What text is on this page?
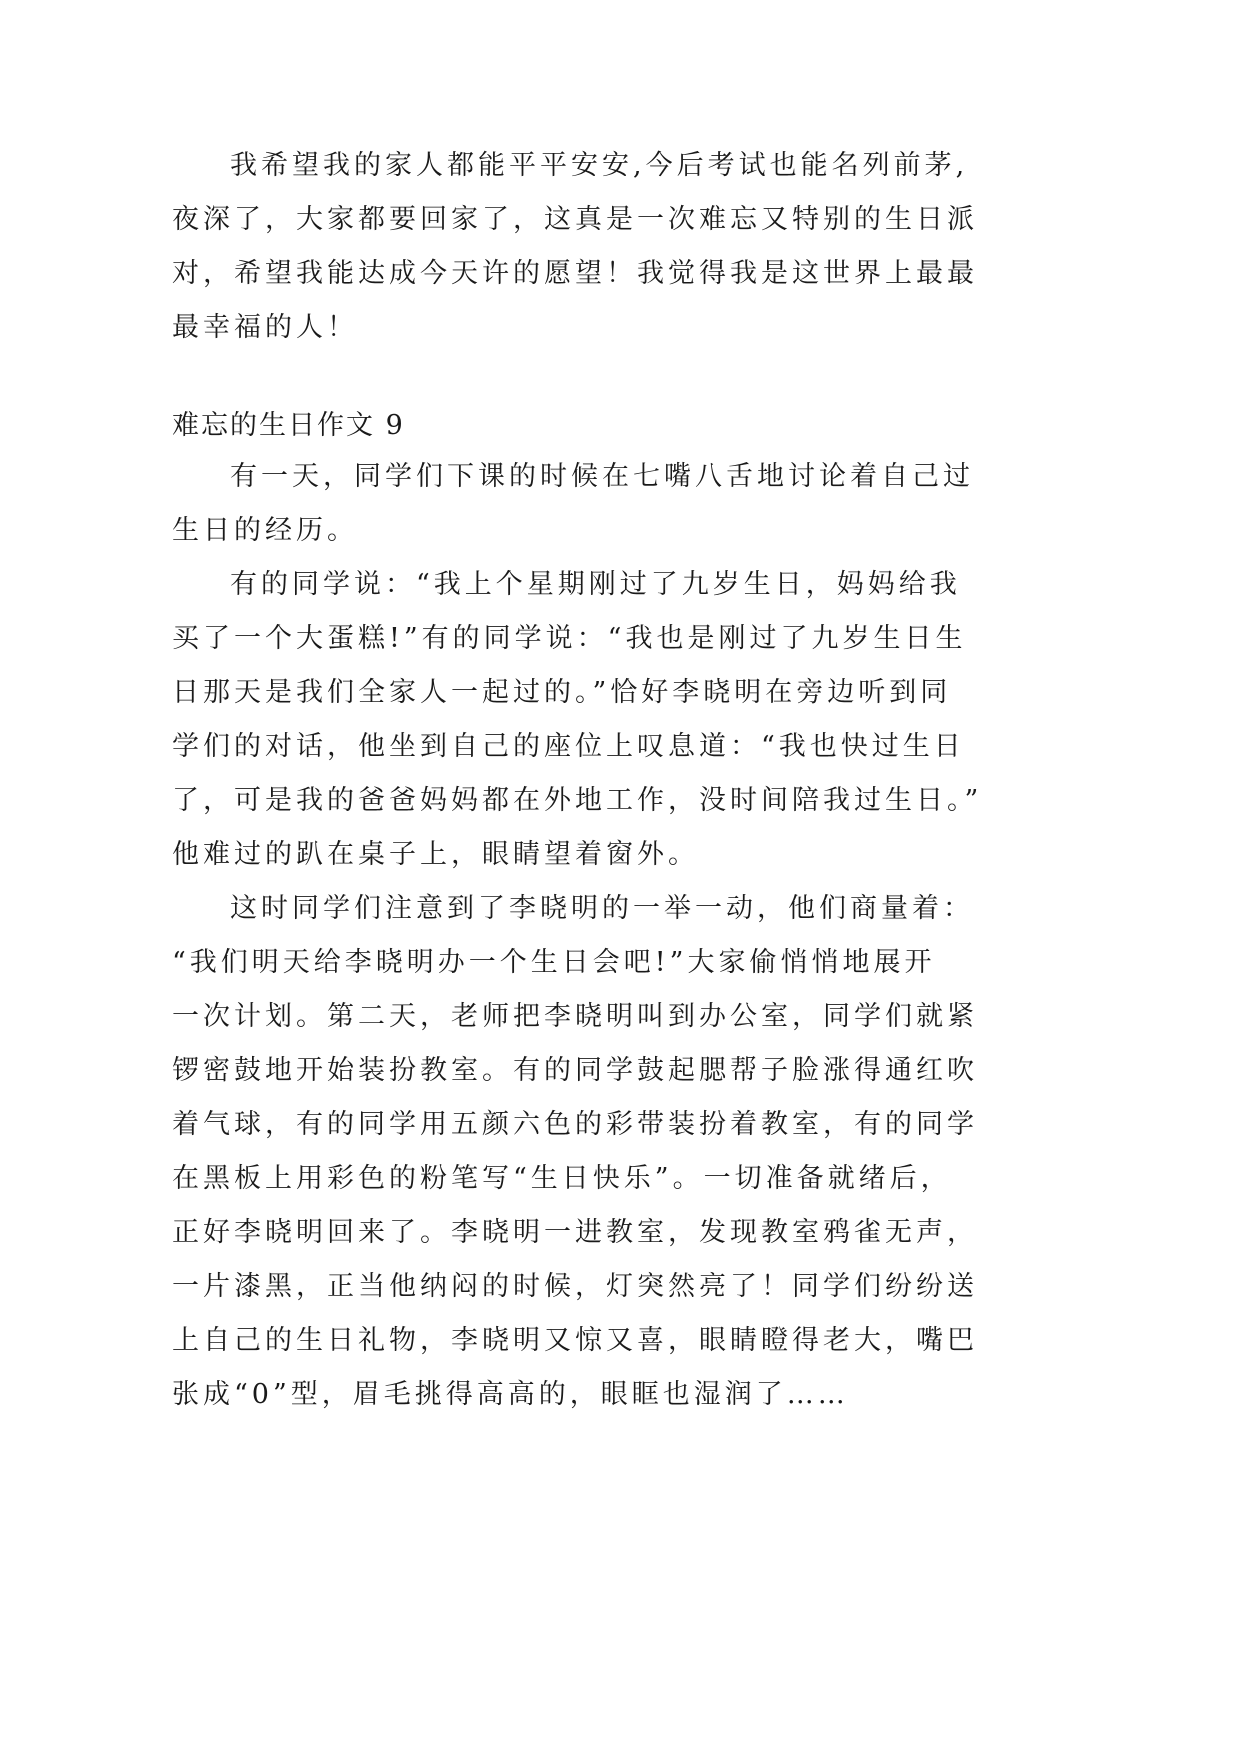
我希望我的家人都能平平安安,今后考试也能名列前茅,
夜深了，大家都要回家了，这真是一次难忘又特别的生日派
对，希望我能达成今天许的愿望！我觉得我是这世界上最最
最幸福的人！
难忘的生日作文 9
有一天，同学们下课的时候在七嘴八舌地讨论着自己过
生日的经历。
有的同学说：“我上个星期刚过了九岁生日，妈妈给我
买了一个大蛋糕!”有的同学说：“我也是刚过了九岁生日生
日那天是我们全家人一起过的。”恰好李晓明在旁边听到同
学们的对话，他坐到自己的座位上叹息道：“我也快过生日
了，可是我的爸爸妈妈都在外地工作，没时间陪我过生日。”
他难过的趴在桌子上，眼睛望着窗外。
这时同学们注意到了李晓明的一举一动，他们商量着：
“我们明天给李晓明办一个生日会吧!”大家偷悄悄地展开
一次计划。第二天，老师把李晓明叫到办公室，同学们就紧
锣密鼓地开始装扮教室。有的同学鼓起腮帮子脸涨得通红吹
着气球，有的同学用五颜六色的彩带装扮着教室，有的同学
在黑板上用彩色的粉笔写“生日快乐”。一切准备就绪后，
正好李晓明回来了。李晓明一进教室，发现教室鸦雀无声，
一片漆黑，正当他纳闷的时候，灯突然亮了！同学们纷纷送
上自己的生日礼物，李晓明又惊又喜，眼睛瞪得老大，嘴巴
张成“0”型，眉毛挑得高高的，眼眶也湿润了……
